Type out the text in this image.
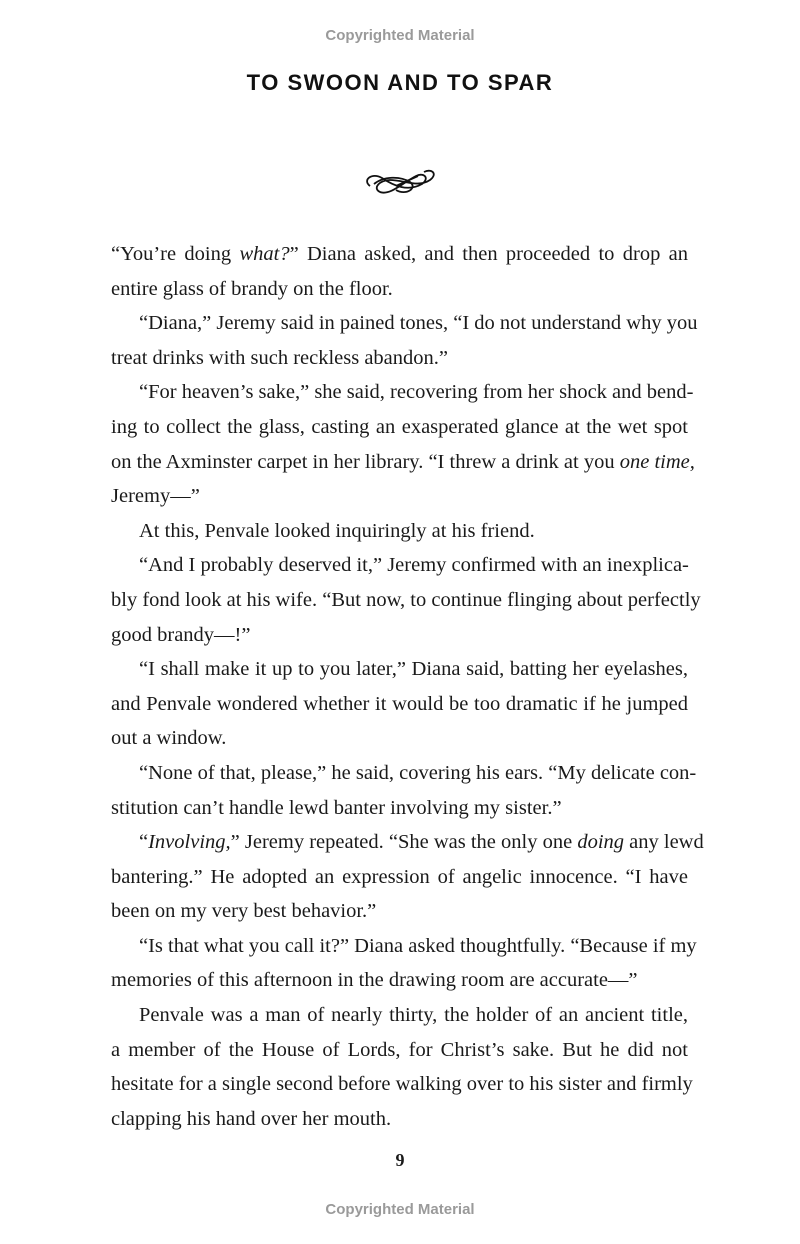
Copyrighted Material
TO SWOON AND TO SPAR
“You’re doing what?” Diana asked, and then proceeded to drop an
entire glass of brandy on the floor.
“Diana,” Jeremy said in pained tones, “I do not understand why you
treat drinks with such reckless abandon.”
“For heaven’s sake,” she said, recovering from her shock and bend-
ing to collect the glass, casting an exasperated glance at the wet spot
on the Axminster carpet in her library. “I threw a drink at you one time,
Jeremy—”
At this, Penvale looked inquiringly at his friend.
“And I probably deserved it,” Jeremy confirmed with an inexplica-
bly fond look at his wife. “But now, to continue flinging about perfectly
good brandy—!”
“I shall make it up to you later,” Diana said, batting her eyelashes,
and Penvale wondered whether it would be too dramatic if he jumped
out a window.
“None of that, please,” he said, covering his ears. “My delicate con-
stitution can’t handle lewd banter involving my sister.”
“Involving,” Jeremy repeated. “She was the only one doing any lewd
bantering.” He adopted an expression of angelic innocence. “I have
been on my very best behavior.”
“Is that what you call it?” Diana asked thoughtfully. “Because if my
memories of this afternoon in the drawing room are accurate—”
Penvale was a man of nearly thirty, the holder of an ancient title,
a member of the House of Lords, for Christ’s sake. But he did not
hesitate for a single second before walking over to his sister and firmly
clapping his hand over her mouth.
9
Copyrighted Material
